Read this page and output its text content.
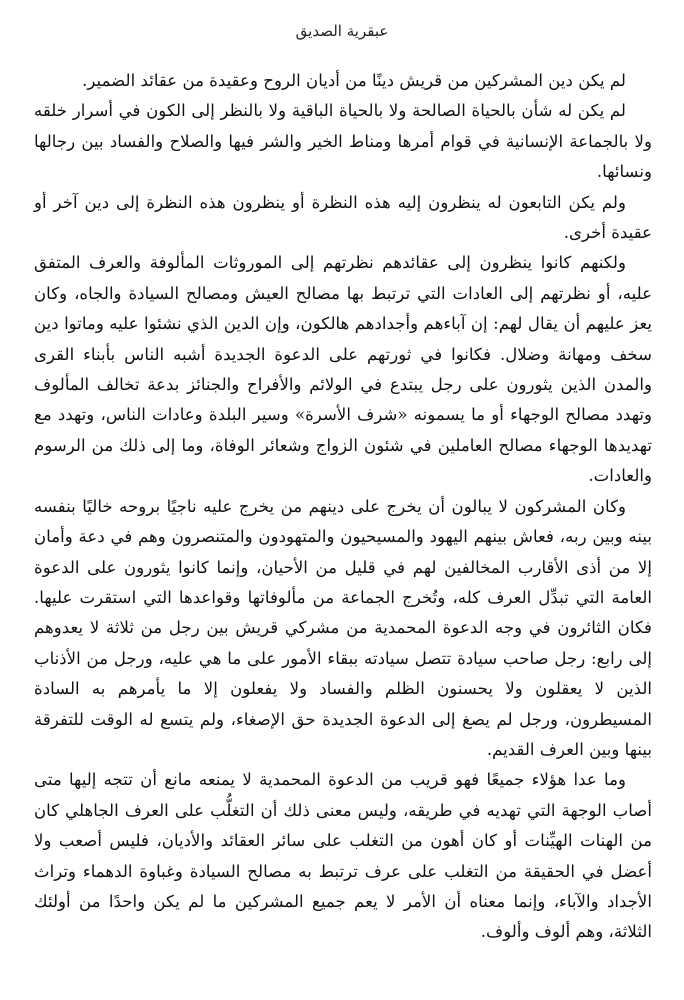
عبقرية الصديق

لم يكن دين المشركين من قريش دينًا من أديان الروح وعقيدة من عقائد الضمير.

لم يكن له شأن بالحياة الصالحة ولا بالحياة الباقية ولا بالنظر إلى الكون في أسرار خلقه ولا بالجماعة الإنسانية في قوام أمرها ومناط الخير والشر فيها والصلاح والفساد بين رجالها ونسائها.

ولم يكن التابعون له ينظرون إليه هذه النظرة أو ينظرون هذه النظرة إلى دين آخر أو عقيدة أخرى.

ولكنهم كانوا ينظرون إلى عقائدهم نظرتهم إلى الموروثات المألوفة والعرف المتفق عليه، أو نظرتهم إلى العادات التي ترتبط بها مصالح العيش ومصالح السيادة والجاه، وكان يعز عليهم أن يقال لهم: إن آباءهم وأجدادهم هالكون، وإن الدين الذي نشئوا عليه وماتوا دين سخف ومهانة وضلال. فكانوا في ثورتهم على الدعوة الجديدة أشبه الناس بأبناء القرى والمدن الذين يثورون على رجل يبتدع في الولائم والأفراح والجنائز بدعة تخالف المألوف وتهدد مصالح الوجهاء أو ما يسمونه «شرف الأسرة» وسير البلدة وعادات الناس، وتهدد مع تهديدها الوجهاء مصالح العاملين في شئون الزواج وشعائر الوفاة، وما إلى ذلك من الرسوم والعادات.

وكان المشركون لا يبالون أن يخرج على دينهم من يخرج عليه ناجيًا بروحه خاليًا بنفسه بينه وبين ربه، فعاش بينهم اليهود والمسيحيون والمتهودون والمتنصرون وهم في دعة وأمان إلا من أذى الأقارب المخالفين لهم في قليل من الأحيان، وإنما كانوا يثورون على الدعوة العامة التي تبدِّل العرف كله، وتُخرج الجماعة من مألوفاتها وقواعدها التي استقرت عليها. فكان الثائرون في وجه الدعوة المحمدية من مشركي قريش بين رجل من ثلاثة لا يعدوهم إلى رابع: رجل صاحب سيادة تتصل سيادته ببقاء الأمور على ما هي عليه، ورجل من الأذناب الذين لا يعقلون ولا يحسنون الظلم والفساد ولا يفعلون إلا ما يأمرهم به السادة المسيطرون، ورجل لم يصغ إلى الدعوة الجديدة حق الإصغاء، ولم يتسع له الوقت للتفرقة بينها وبين العرف القديم.

وما عدا هؤلاء جميعًا فهو قريب من الدعوة المحمدية لا يمنعه مانع أن تتجه إليها متى أصاب الوجهة التي تهديه في طريقه، وليس معنى ذلك أن التغلُّب على العرف الجاهلي كان من الهنات الهيِّنات أو كان أهون من التغلب على سائر العقائد والأديان، فليس أصعب ولا أعضل في الحقيقة من التغلب على عرف ترتبط به مصالح السيادة وغباوة الدهماء وتراث الأجداد والآباء، وإنما معناه أن الأمر لا يعم جميع المشركين ما لم يكن واحدًا من أولئك الثلاثة، وهم ألوف وألوف.
